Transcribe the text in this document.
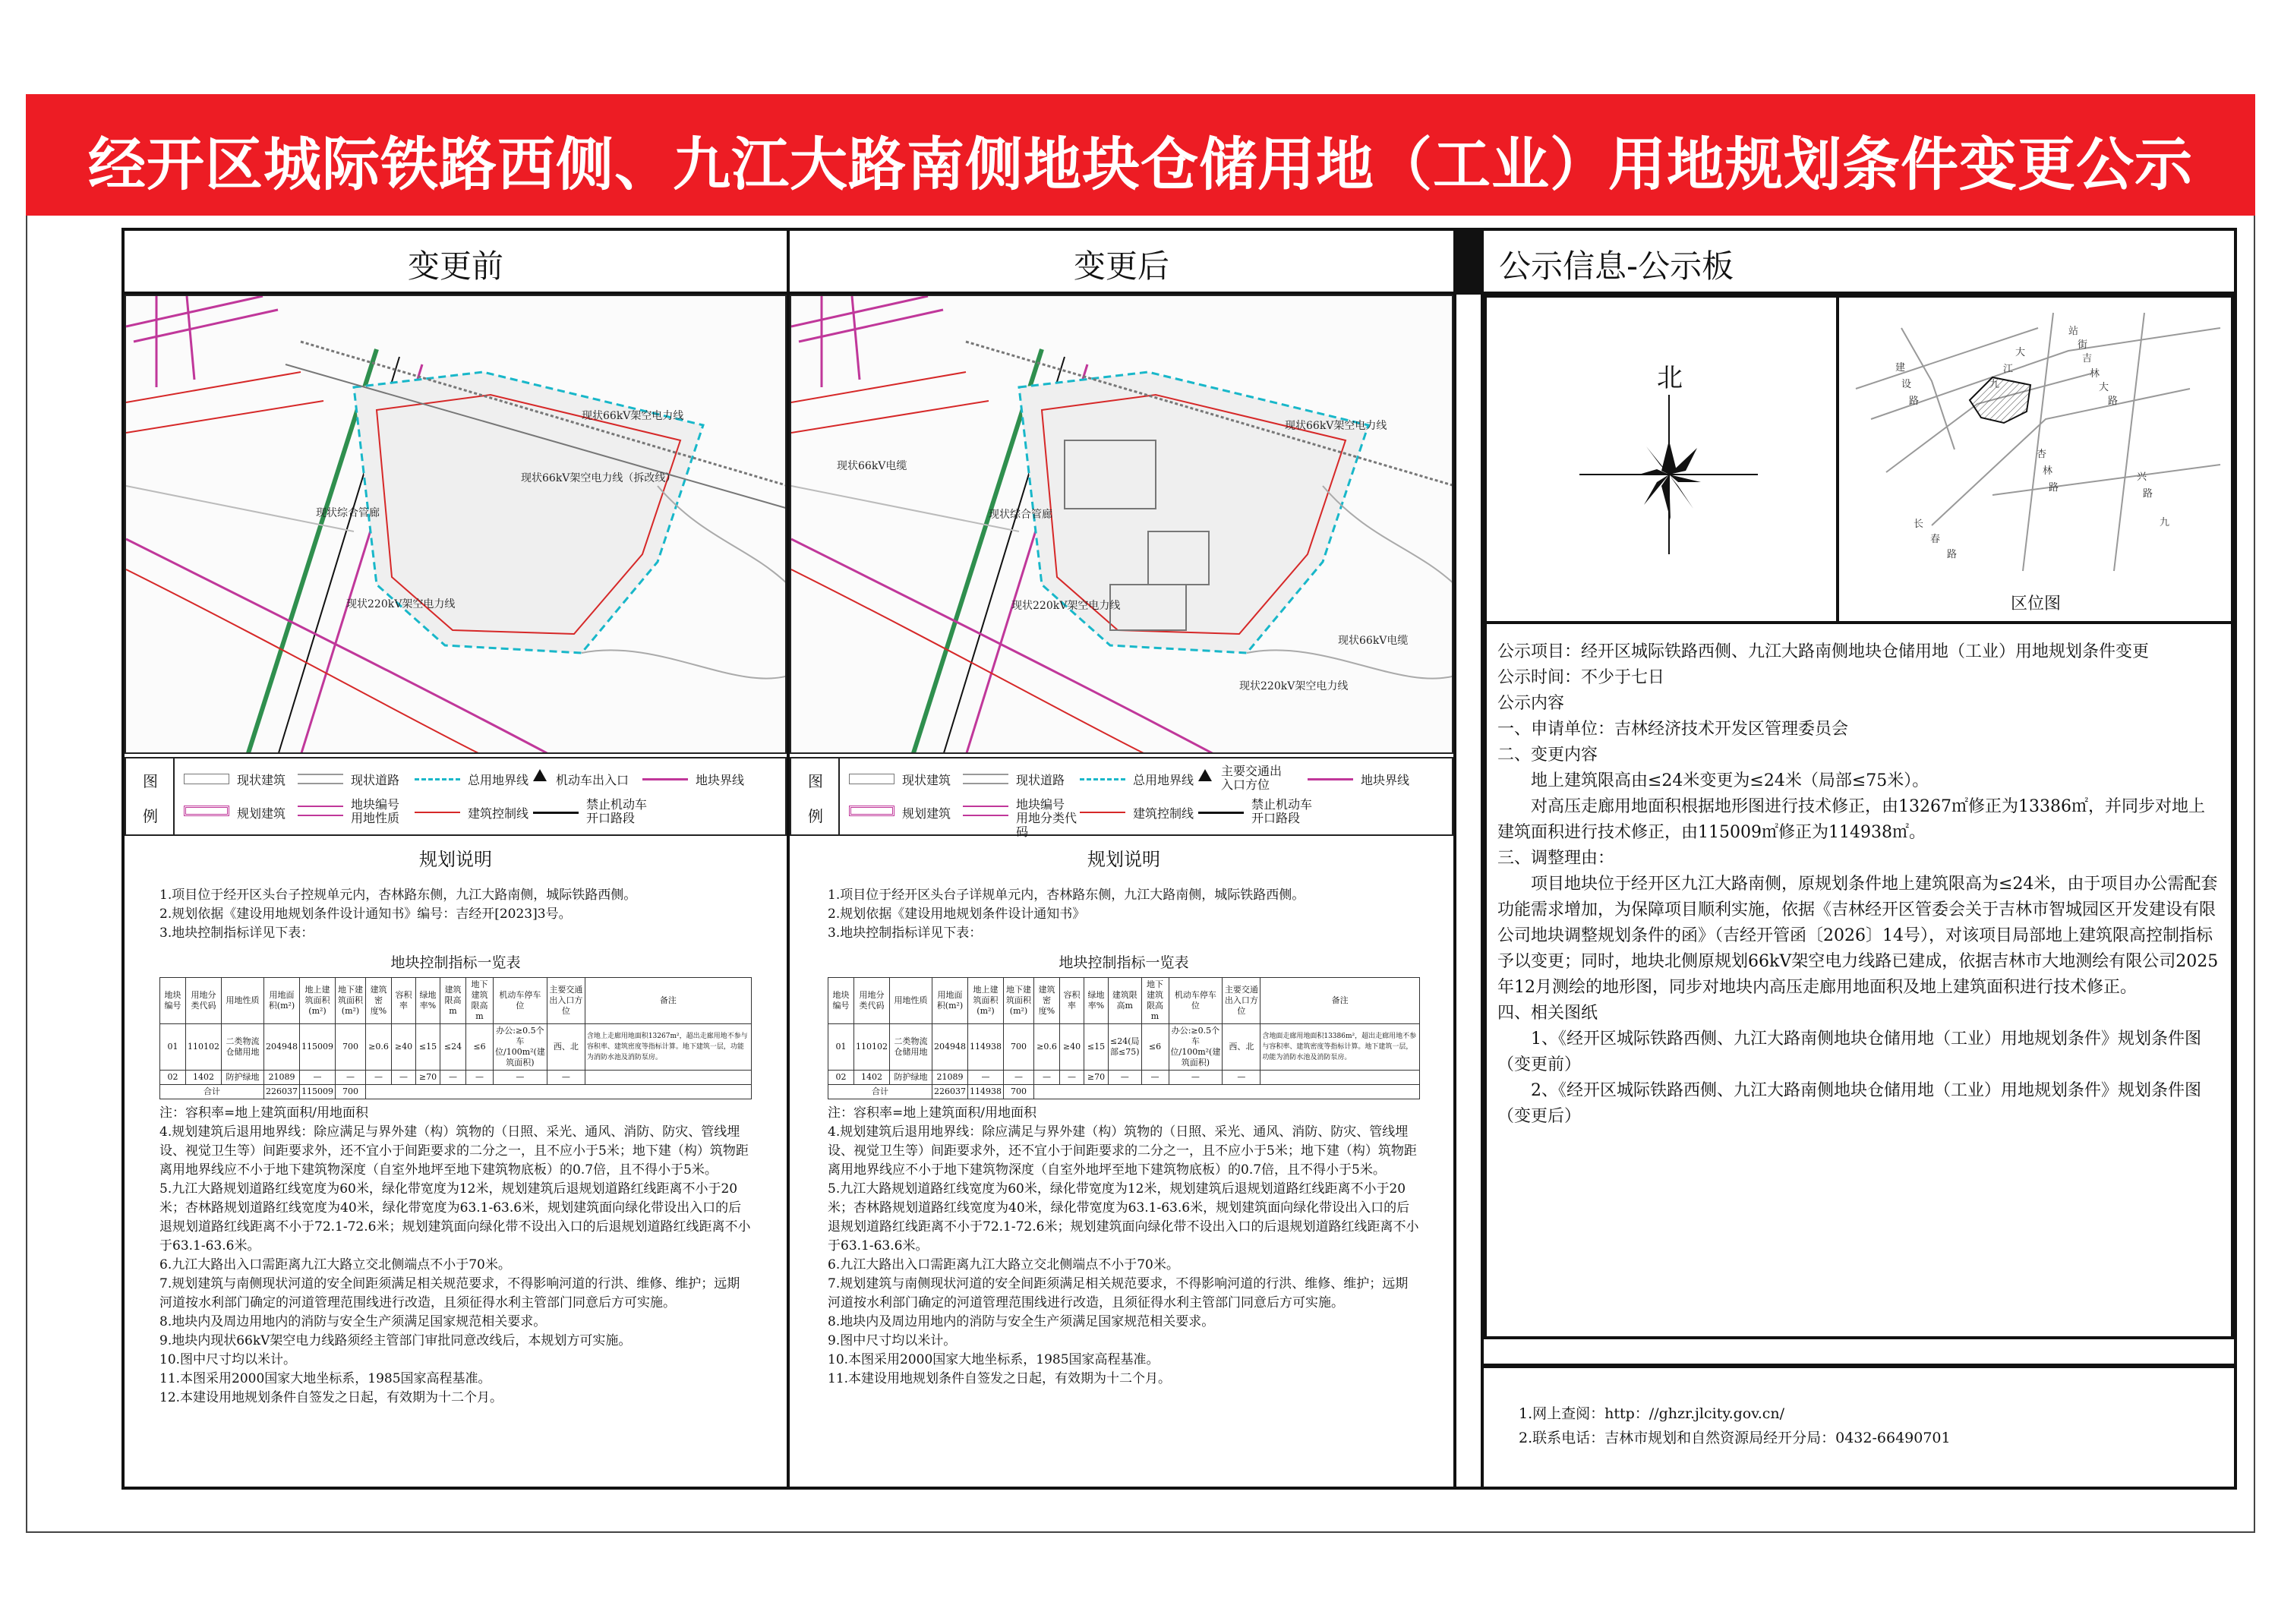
经开区城际铁路西侧、九江大路南侧地块仓储用地（工业）用地规划条件变更公示
变更前	变更后	公示信息-公示板
现状66kV架空电力线
现状66kV架空电力线（拆改线）
现状综合管廊
现状220kV架空电力线
现状66kV架空电力线
现状66kV电缆
现状综合管廊
现状220kV架空电力线
现状66kV电缆
现状220kV架空电力线
图
例
现状建筑	现状道路	总用地界线 机动车出入口	地块界线
规划建筑
地块编号 用地性质	建筑控制线
禁止机动车开口路段
图
例
现状建筑	现状道路	总用地界线
主要交通出入口方位	地块界线
规划建筑
地块编号 用地分类代码
建筑控制线
禁止机动车开口路段
规划说明

1.项目位于经开区头台子控规单元内，杏林路东侧，九江大路南侧，城际铁路西侧。

2.规划依据《建设用地规划条件设计通知书》编号：吉经开[2023]3号。

3.地块控制指标详见下表：

地块控制指标一览表
地块编号	用地分类代码	用地性质	用地面积(m²)	地上建筑面积(m²)	地下建筑面积(m²)	建筑密度%	容积率	绿地率%	建筑限高m	地下建筑限高m	机动车停车位	主要交通出入口方位	备注
01	110102	二类物流仓储用地	204948	115009	700	≥0.6	≥40	≤15	≤24	≤6	办公:≥0.5个车位/100m²(建筑面积)	西、北	含地上走廊用地面积13267m²，超出走廊用地不参与容积率、建筑密度等指标计算。地下建筑一层，功能为消防水池及消防泵房。
02	1402	防护绿地	21089	—	—	—	—	≥70	—	—	—	—	
合计			226037	115009	700								

注：容积率=地上建筑面积/用地面积

4.规划建筑后退用地界线：除应满足与界外建（构）筑物的（日照、采光、通风、消防、防灾、管线埋设、视觉卫生等）间距要求外，还不宜小于间距要求的二分之一，且不应小于5米；地下建（构）筑物距离用地界线应不小于地下建筑物深度（自室外地坪至地下建筑物底板）的0.7倍，且不得小于5米。

5.九江大路规划道路红线宽度为60米，绿化带宽度为12米，规划建筑后退规划道路红线距离不小于20米；杏林路规划道路红线宽度为40米，绿化带宽度为63.1-63.6米，规划建筑面向绿化带设出入口的后退规划道路红线距离不小于72.1-72.6米；规划建筑面向绿化带不设出入口的后退规划道路红线距离不小于63.1-63.6米。

6.九江大路出入口需距离九江大路立交北侧端点不小于70米。

7.规划建筑与南侧现状河道的安全间距须满足相关规范要求，不得影响河道的行洪、维修、维护；远期河道按水利部门确定的河道管理范围线进行改造，且须征得水利主管部门同意后方可实施。

8.地块内及周边用地内的消防与安全生产须满足国家规范相关要求。

9.地块内现状66kV架空电力线路须经主管部门审批同意改线后，本规划方可实施。

10.图中尺寸均以米计。

11.本图采用2000国家大地坐标系，1985国家高程基准。

12.本建设用地规划条件自签发之日起，有效期为十二个月。

规划说明

1.项目位于经开区头台子详规单元内，杏林路东侧，九江大路南侧，城际铁路西侧。

2.规划依据《建设用地规划条件设计通知书》

3.地块控制指标详见下表：

地块控制指标一览表
地块编号	用地分类代码	用地性质	用地面积(m²)	地上建筑面积(m²)	地下建筑面积(m²)	建筑密度%	容积率	绿地率%	建筑限高m	地下建筑限高m	机动车停车位	主要交通出入口方位	备注
01	110102	二类物流仓储用地	204948	114938	700	≥0.6	≥40	≤15	≤24(局部≤75)	≤6	办公:≥0.5个车位/100m²(建筑面积)	西、北	含地面走廊用地面积13386m²，超出走廊用地不参与容积率、建筑密度等指标计算。地下建筑一层，功能为消防水池及消防泵房。
02	1402	防护绿地	21089	—	—	—	—	≥70	—	—	—	—	
合计			226037	114938	700								

注：容积率=地上建筑面积/用地面积

4.规划建筑后退用地界线：除应满足与界外建（构）筑物的（日照、采光、通风、消防、防灾、管线埋设、视觉卫生等）间距要求外，还不宜小于间距要求的二分之一，且不应小于5米；地下建（构）筑物距离用地界线应不小于地下建筑物深度（自室外地坪至地下建筑物底板）的0.7倍，且不得小于5米。

5.九江大路规划道路红线宽度为60米，绿化带宽度为12米，规划建筑后退规划道路红线距离不小于20米；杏林路规划道路红线宽度为40米，绿化带宽度为63.1-63.6米，规划建筑面向绿化带设出入口的后退规划道路红线距离不小于72.1-72.6米；规划建筑面向绿化带不设出入口的后退规划道路红线距离不小于63.1-63.6米。

6.九江大路出入口需距离九江大路立交北侧端点不小于70米。

7.规划建筑与南侧现状河道的安全间距须满足相关规范要求，不得影响河道的行洪、维修、维护；远期河道按水利部门确定的河道管理范围线进行改造，且须征得水利主管部门同意后方可实施。

8.地块内及周边用地内的消防与安全生产须满足国家规范相关要求。

9.图中尺寸均以米计。

10.本图采用2000国家大地坐标系，1985国家高程基准。

11.本建设用地规划条件自签发之日起，有效期为十二个月。

北	建 设 路 大 江 九 吉 林 大 路 杏 林 路 长 春 路 兴 路 九 站 街
区位图

公示项目：经开区城际铁路西侧、九江大路南侧地块仓储用地（工业）用地规划条件变更

公示时间：不少于七日

公示内容

一、申请单位：吉林经济技术开发区管理委员会

二、变更内容

地上建筑限高由≤24米变更为≤24米（局部≤75米）。

对高压走廊用地面积根据地形图进行技术修正，由13267㎡修正为13386㎡，并同步对地上建筑面积进行技术修正，由115009㎡修正为114938㎡。

三、调整理由：

项目地块位于经开区九江大路南侧，原规划条件地上建筑限高为≤24米，由于项目办公需配套功能需求增加，为保障项目顺利实施，依据《吉林经开区管委会关于吉林市智城园区开发建设有限公司地块调整规划条件的函》（吉经开管函〔2026〕14号），对该项目局部地上建筑限高控制指标予以变更；同时，地块北侧原规划66kV架空电力线路已建成，依据吉林市大地测绘有限公司2025年12月测绘的地形图，同步对地块内高压走廊用地面积及地上建筑面积进行技术修正。

四、相关图纸

1、《经开区城际铁路西侧、九江大路南侧地块仓储用地（工业）用地规划条件》规划条件图（变更前）

2、《经开区城际铁路西侧、九江大路南侧地块仓储用地（工业）用地规划条件》规划条件图（变更后）

1.网上查阅：http：//ghzr.jlcity.gov.cn/

2.联系电话：吉林市规划和自然资源局经开分局：0432-66490701
